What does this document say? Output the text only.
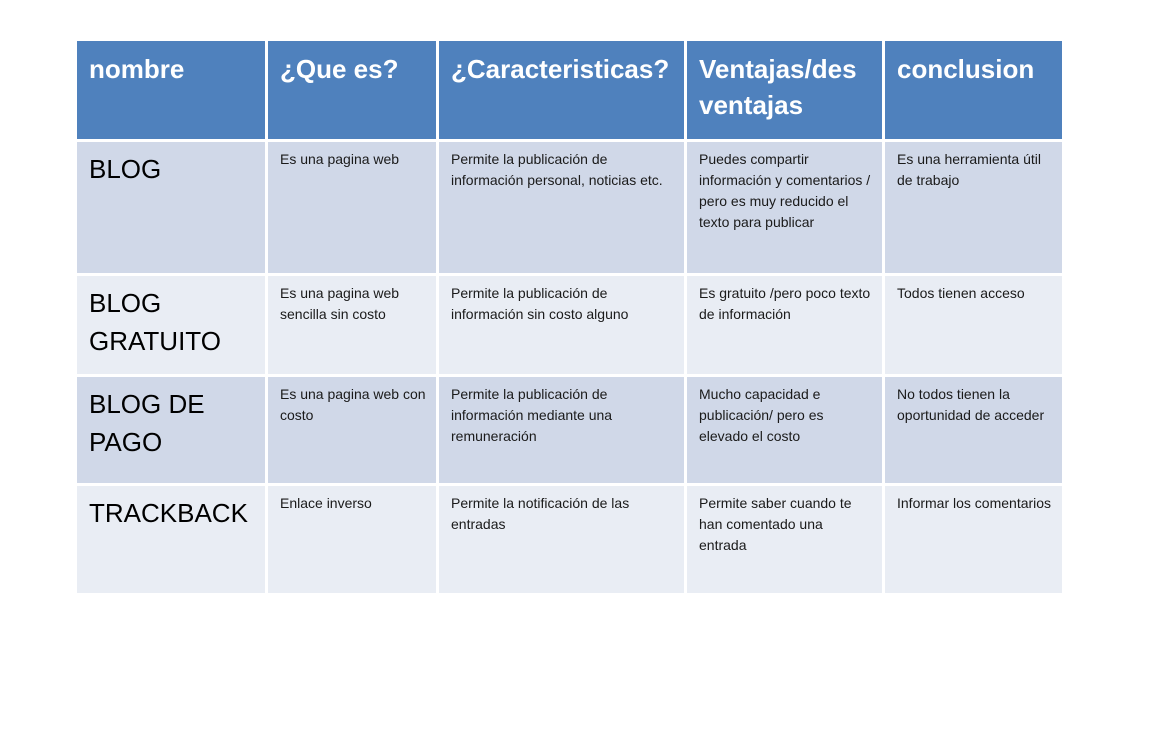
nombre	¿Que es?	¿Caracteristicas?	Ventajas/des ventajas	conclusion
BLOG	Es una pagina web	Permite la publicación de información personal, noticias etc.	Puedes compartir información y comentarios / pero es muy reducido el texto para publicar	Es una herramienta útil de trabajo
BLOG GRATUITO	Es una pagina web sencilla sin costo	Permite la publicación de información sin costo alguno	Es gratuito /pero poco texto de información	Todos tienen acceso
BLOG DE PAGO	Es una pagina web con costo	Permite la publicación de información mediante una remuneración	Mucho capacidad e publicación/ pero es elevado el costo	No todos tienen la oportunidad de acceder
TRACKBACK	Enlace inverso	Permite la notificación de las entradas	Permite saber cuando te han comentado una entrada	Informar los comentarios
